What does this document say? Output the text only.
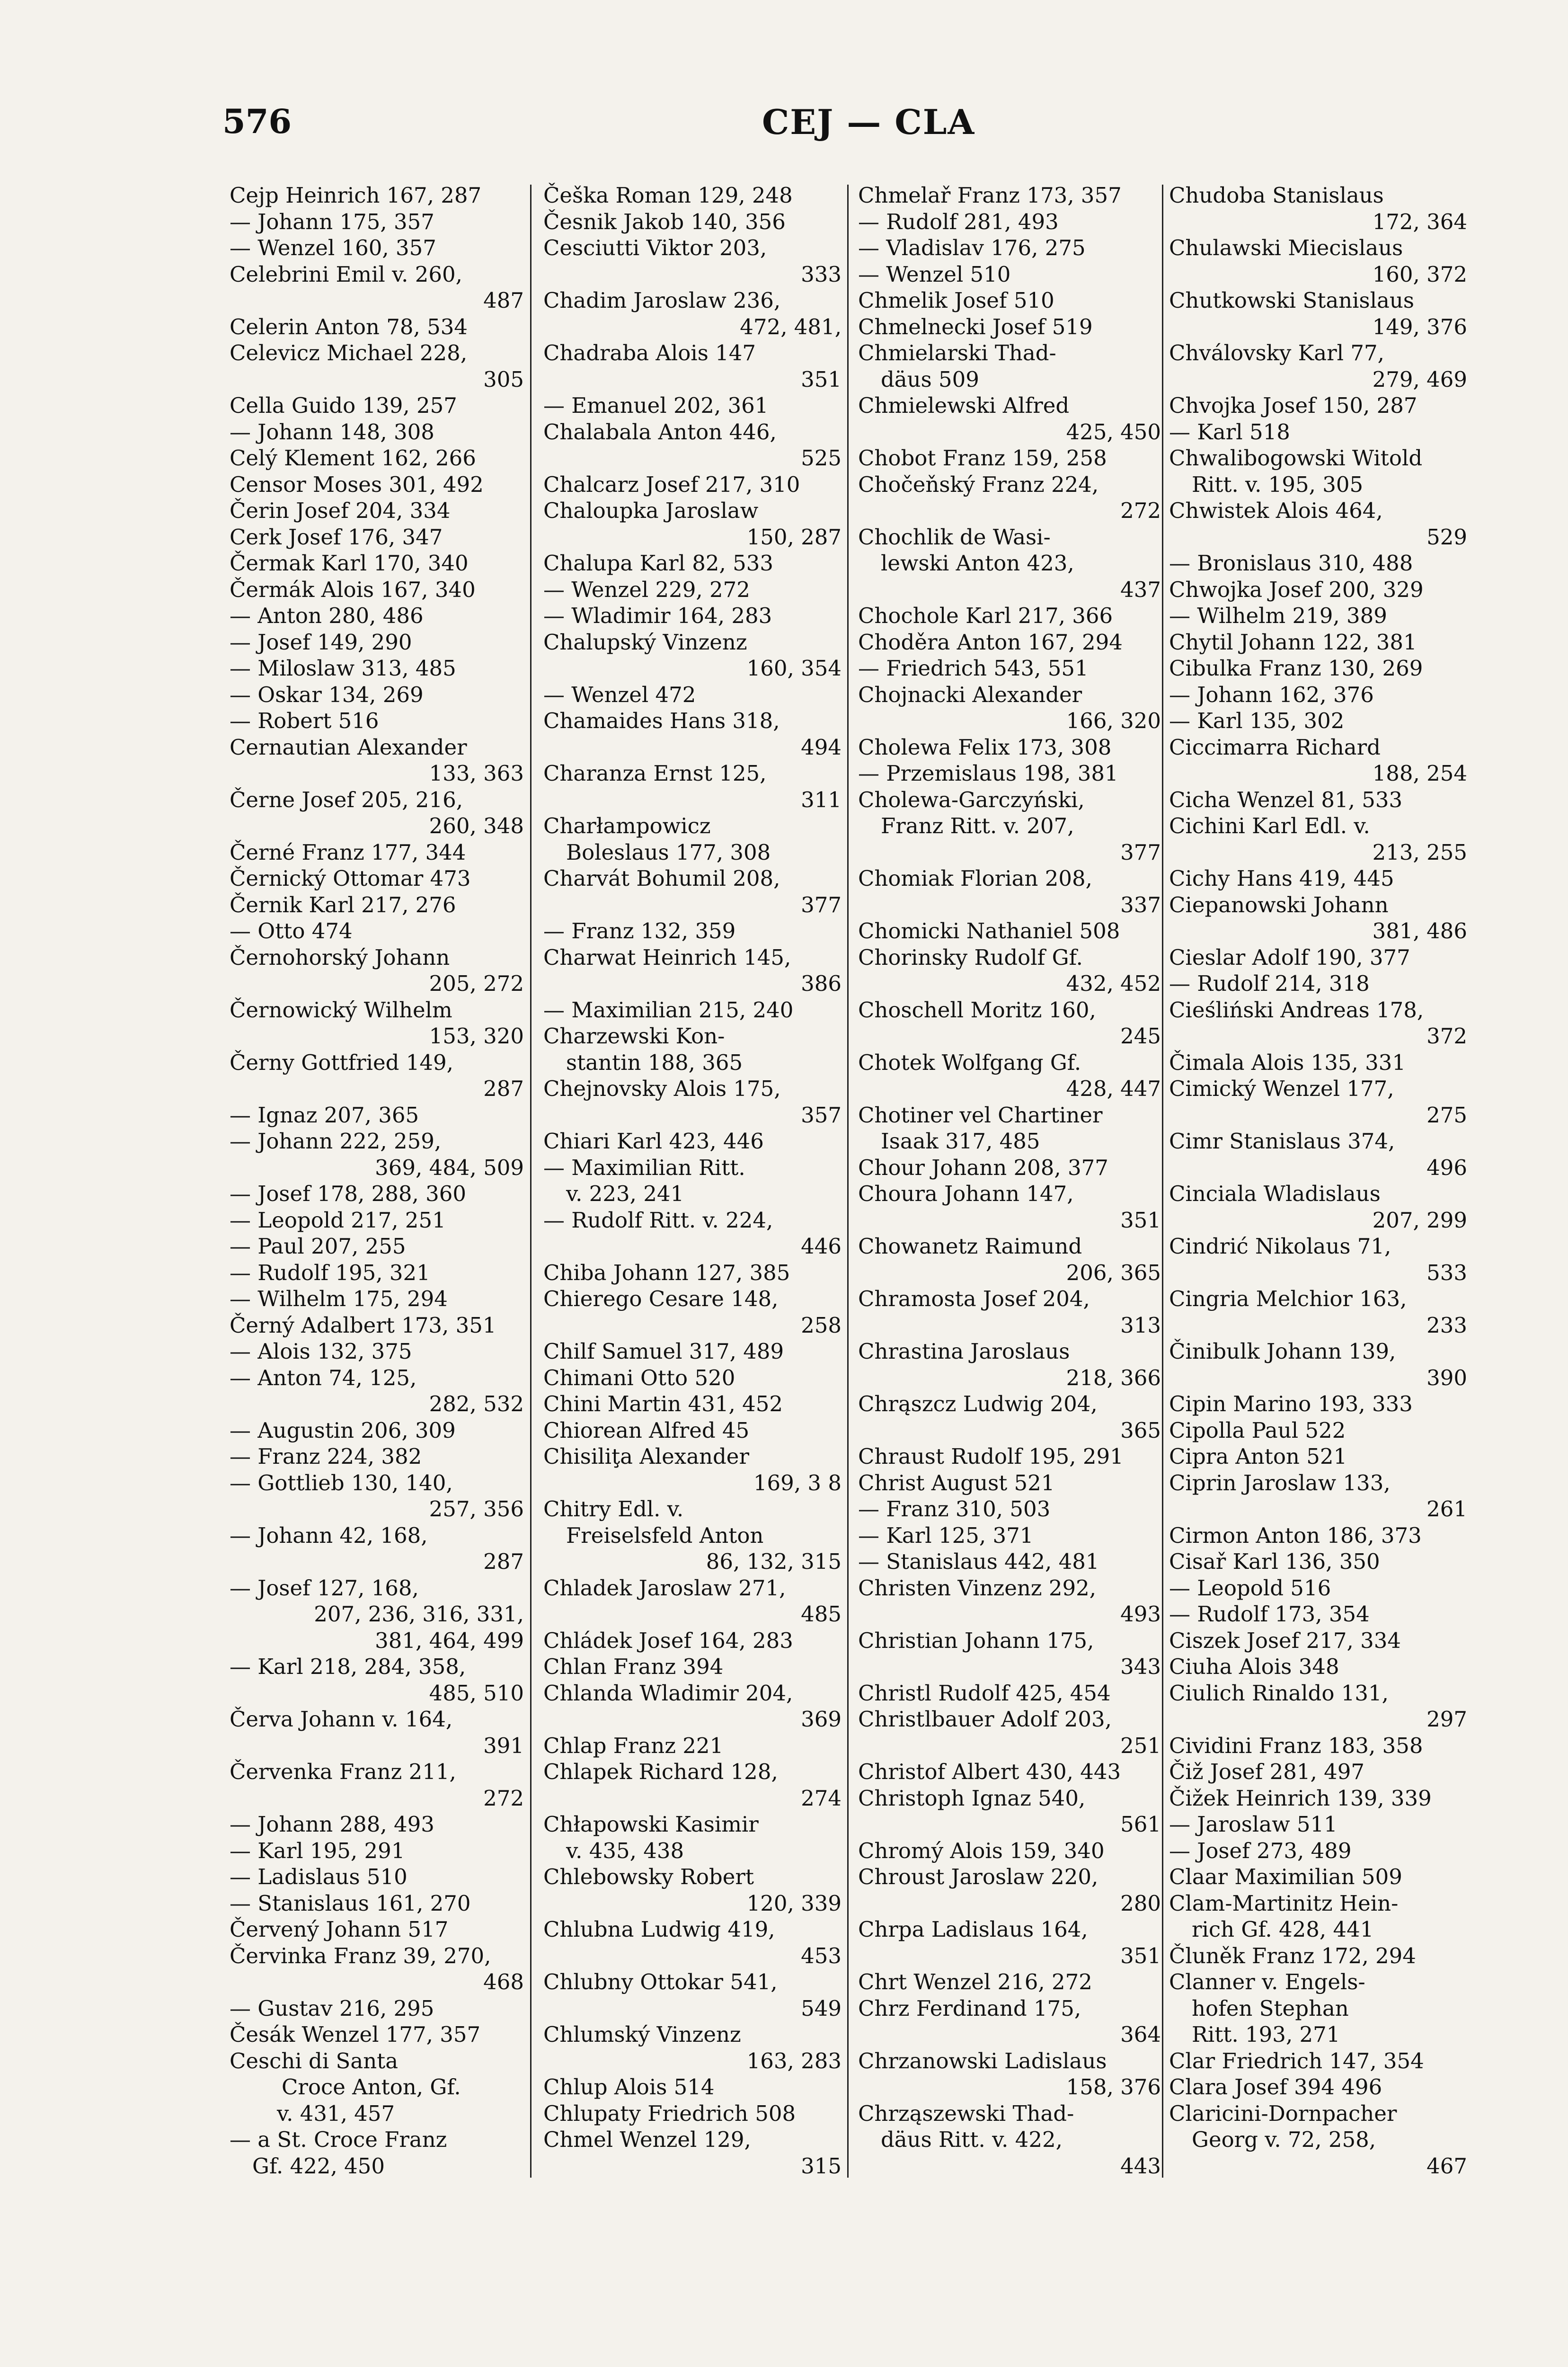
576	CEJ — CLA
Cejp Heinrich 167, 287
— Johann 175, 357
— Wenzel 160, 357
Celebrini Emil v. 260,
487
Celerin Anton 78, 534
Celevicz Michael 228,
305
Cella Guido 139, 257
— Johann 148, 308
Celý Klement 162, 266
Censor Moses 301, 492
Čerin Josef 204, 334
Cerk Josef 176, 347
Čermak Karl 170, 340
Čermák Alois 167, 340
— Anton 280, 486
— Josef 149, 290
— Miloslaw 313, 485
— Oskar 134, 269
— Robert 516
Cernautian Alexander
133, 363
Černe Josef 205, 216,
260, 348
Černé Franz 177, 344
Černický Ottomar 473
Černik Karl 217, 276
— Otto 474
Černohorský Johann
205, 272
Černowický Wilhelm
153, 320
Černy Gottfried 149,
287
— Ignaz 207, 365
— Johann 222, 259,
369, 484, 509
— Josef 178, 288, 360
— Leopold 217, 251
— Paul 207, 255
— Rudolf 195, 321
— Wilhelm 175, 294
Černý Adalbert 173, 351
— Alois 132, 375
— Anton 74, 125,
282, 532
— Augustin 206, 309
— Franz 224, 382
— Gottlieb 130, 140,
257, 356
— Johann 42, 168,
287
— Josef 127, 168,
207, 236, 316, 331,
381, 464, 499
— Karl 218, 284, 358,
485, 510
Červa Johann v. 164,
391
Červenka Franz 211,
272
— Johann 288, 493
— Karl 195, 291
— Ladislaus 510
— Stanislaus 161, 270
Červený Johann 517
Červinka Franz 39, 270,
468
— Gustav 216, 295
Česák Wenzel 177, 357
Ceschi di Santa
Croce Anton, Gf.
v. 431, 457
— a St. Croce Franz
Gf. 422, 450
Češka Roman 129, 248
Česnik Jakob 140, 356
Cesciutti Viktor 203,
333
Chadim Jaroslaw 236,
472, 481,
Chadraba Alois 147
351
— Emanuel 202, 361
Chalabala Anton 446,
525
Chalcarz Josef 217, 310
Chaloupka Jaroslaw
150, 287
Chalupa Karl 82, 533
— Wenzel 229, 272
— Wladimir 164, 283
Chalupský Vinzenz
160, 354
— Wenzel 472
Chamaides Hans 318,
494
Charanza Ernst 125,
311
Charłampowicz
Boleslaus 177, 308
Charvát Bohumil 208,
377
— Franz 132, 359
Charwat Heinrich 145,
386
— Maximilian 215, 240
Charzewski Kon-
stantin 188, 365
Chejnovsky Alois 175,
357
Chiari Karl 423, 446
— Maximilian Ritt.
v. 223, 241
— Rudolf Ritt. v. 224,
446
Chiba Johann 127, 385
Chierego Cesare 148,
258
Chilf Samuel 317, 489
Chimani Otto 520
Chini Martin 431, 452
Chiorean Alfred 45
Chisiliţa Alexander
169, 3 8
Chitry Edl. v.
Freiselsfeld Anton
86, 132, 315
Chladek Jaroslaw 271,
485
Chládek Josef 164, 283
Chlan Franz 394
Chlanda Wladimir 204,
369
Chlap Franz 221
Chlapek Richard 128,
274
Chłapowski Kasimir
v. 435, 438
Chlebowsky Robert
120, 339
Chlubna Ludwig 419,
453
Chlubny Ottokar 541,
549
Chlumský Vinzenz
163, 283
Chlup Alois 514
Chlupaty Friedrich 508
Chmel Wenzel 129,
315
Chmelař Franz 173, 357
— Rudolf 281, 493
— Vladislav 176, 275
— Wenzel 510
Chmelik Josef 510
Chmelnecki Josef 519
Chmielarski Thad-
däus 509
Chmielewski Alfred
425, 450
Chobot Franz 159, 258
Chočeňský Franz 224,
272
Chochlik de Wasi-
lewski Anton 423,
437
Chochole Karl 217, 366
Choděra Anton 167, 294
— Friedrich 543, 551
Chojnacki Alexander
166, 320
Cholewa Felix 173, 308
— Przemislaus 198, 381
Cholewa-Garczyński,
Franz Ritt. v. 207,
377
Chomiak Florian 208,
337
Chomicki Nathaniel 508
Chorinsky Rudolf Gf.
432, 452
Choschell Moritz 160,
245
Chotek Wolfgang Gf.
428, 447
Chotiner vel Chartiner
Isaak 317, 485
Chour Johann 208, 377
Choura Johann 147,
351
Chowanetz Raimund
206, 365
Chramosta Josef 204,
313
Chrastina Jaroslaus
218, 366
Chrąszcz Ludwig 204,
365
Chraust Rudolf 195, 291
Christ August 521
— Franz 310, 503
— Karl 125, 371
— Stanislaus 442, 481
Christen Vinzenz 292,
493
Christian Johann 175,
343
Christl Rudolf 425, 454
Christlbauer Adolf 203,
251
Christof Albert 430, 443
Christoph Ignaz 540,
561
Chromý Alois 159, 340
Chroust Jaroslaw 220,
280
Chrpa Ladislaus 164,
351
Chrt Wenzel 216, 272
Chrz Ferdinand 175,
364
Chrzanowski Ladislaus
158, 376
Chrząszewski Thad-
däus Ritt. v. 422,
443
Chudoba Stanislaus
172, 364
Chulawski Miecislaus
160, 372
Chutkowski Stanislaus
149, 376
Chválovsky Karl 77,
279, 469
Chvojka Josef 150, 287
— Karl 518
Chwalibogowski Witold
Ritt. v. 195, 305
Chwistek Alois 464,
529
— Bronislaus 310, 488
Chwojka Josef 200, 329
— Wilhelm 219, 389
Chytil Johann 122, 381
Cibulka Franz 130, 269
— Johann 162, 376
— Karl 135, 302
Ciccimarra Richard
188, 254
Cicha Wenzel 81, 533
Cichini Karl Edl. v.
213, 255
Cichy Hans 419, 445
Ciepanowski Johann
381, 486
Cieslar Adolf 190, 377
— Rudolf 214, 318
Cieśliński Andreas 178,
372
Čimala Alois 135, 331
Cimický Wenzel 177,
275
Cimr Stanislaus 374,
496
Cinciala Wladislaus
207, 299
Cindrić Nikolaus 71,
533
Cingria Melchior 163,
233
Činibulk Johann 139,
390
Cipin Marino 193, 333
Cipolla Paul 522
Cipra Anton 521
Ciprin Jaroslaw 133,
261
Cirmon Anton 186, 373
Cisař Karl 136, 350
— Leopold 516
— Rudolf 173, 354
Ciszek Josef 217, 334
Ciuha Alois 348
Ciulich Rinaldo 131,
297
Cividini Franz 183, 358
Čiž Josef 281, 497
Čižek Heinrich 139, 339
— Jaroslaw 511
— Josef 273, 489
Claar Maximilian 509
Clam-Martinitz Hein-
rich Gf. 428, 441
Čluněk Franz 172, 294
Clanner v. Engels-
hofen Stephan
Ritt. 193, 271
Clar Friedrich 147, 354
Clara Josef 394 496
Claricini-Dornpacher
Georg v. 72, 258,
467
